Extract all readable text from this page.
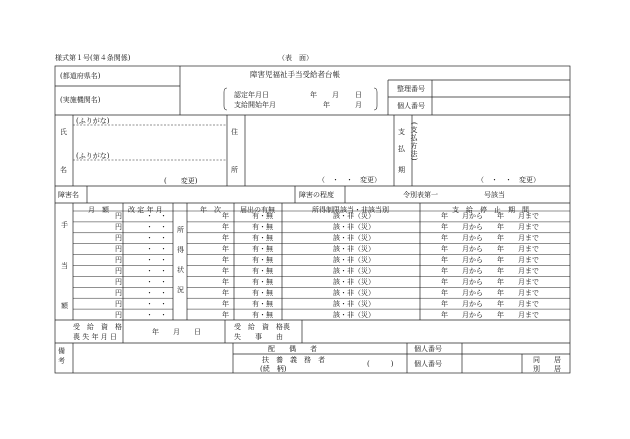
様式第１号(第４条関係)	（表　面）
(都道府県名)	障害児福祉手当受給者台帳
(実施機関名)
認定年月日	年 月 日
支給開始年月	年	月
整理番号
個人番号
氏
名
(ふりがな)
(ふりがな)
(　　変更)
住
所
（　・　・　変更）
支
払
期
(支払方法)
（　・　・　変更）
障害名	障害の程度	令別表第一	号該当
手
当
額
月　額	改 定 年 月
所
得
状
況
年　次	届出の有無	所得制限該当・非該当別	支　給　停　止　期　間
円	・　・	年	有・無	該・非（災）	年　　月から　　年　　月まで
円	・　・	年	有・無	該・非（災）	年　　月から　　年　　月まで
円	・　・	年	有・無	該・非（災）	年　　月から　　年　　月まで
円	・　・	年	有・無	該・非（災）	年　　月から　　年　　月まで
円	・　・	年	有・無	該・非（災）	年　　月から　　年　　月まで
円	・　・	年	有・無	該・非（災）	年　　月から　　年　　月まで
円	・　・	年	有・無	該・非（災）	年　　月から　　年　　月まで
円	・　・	年	有・無	該・非（災）	年　　月から　　年　　月まで
円	・　・	年	有・無	該・非（災）	年　　月から　　年　　月まで
円	・　・	年	有・無	該・非（災）	年　　月から　　年　　月まで
受　給　資　格
喪 失 年 月 日
年　　月　　日
受　給　資　格喪
失　　事　　由
備
考
配　　偶　　者
扶　養　義　務　者
(続　柄)
(　　　)
個人番号
個人番号	同　　居
別　　居
